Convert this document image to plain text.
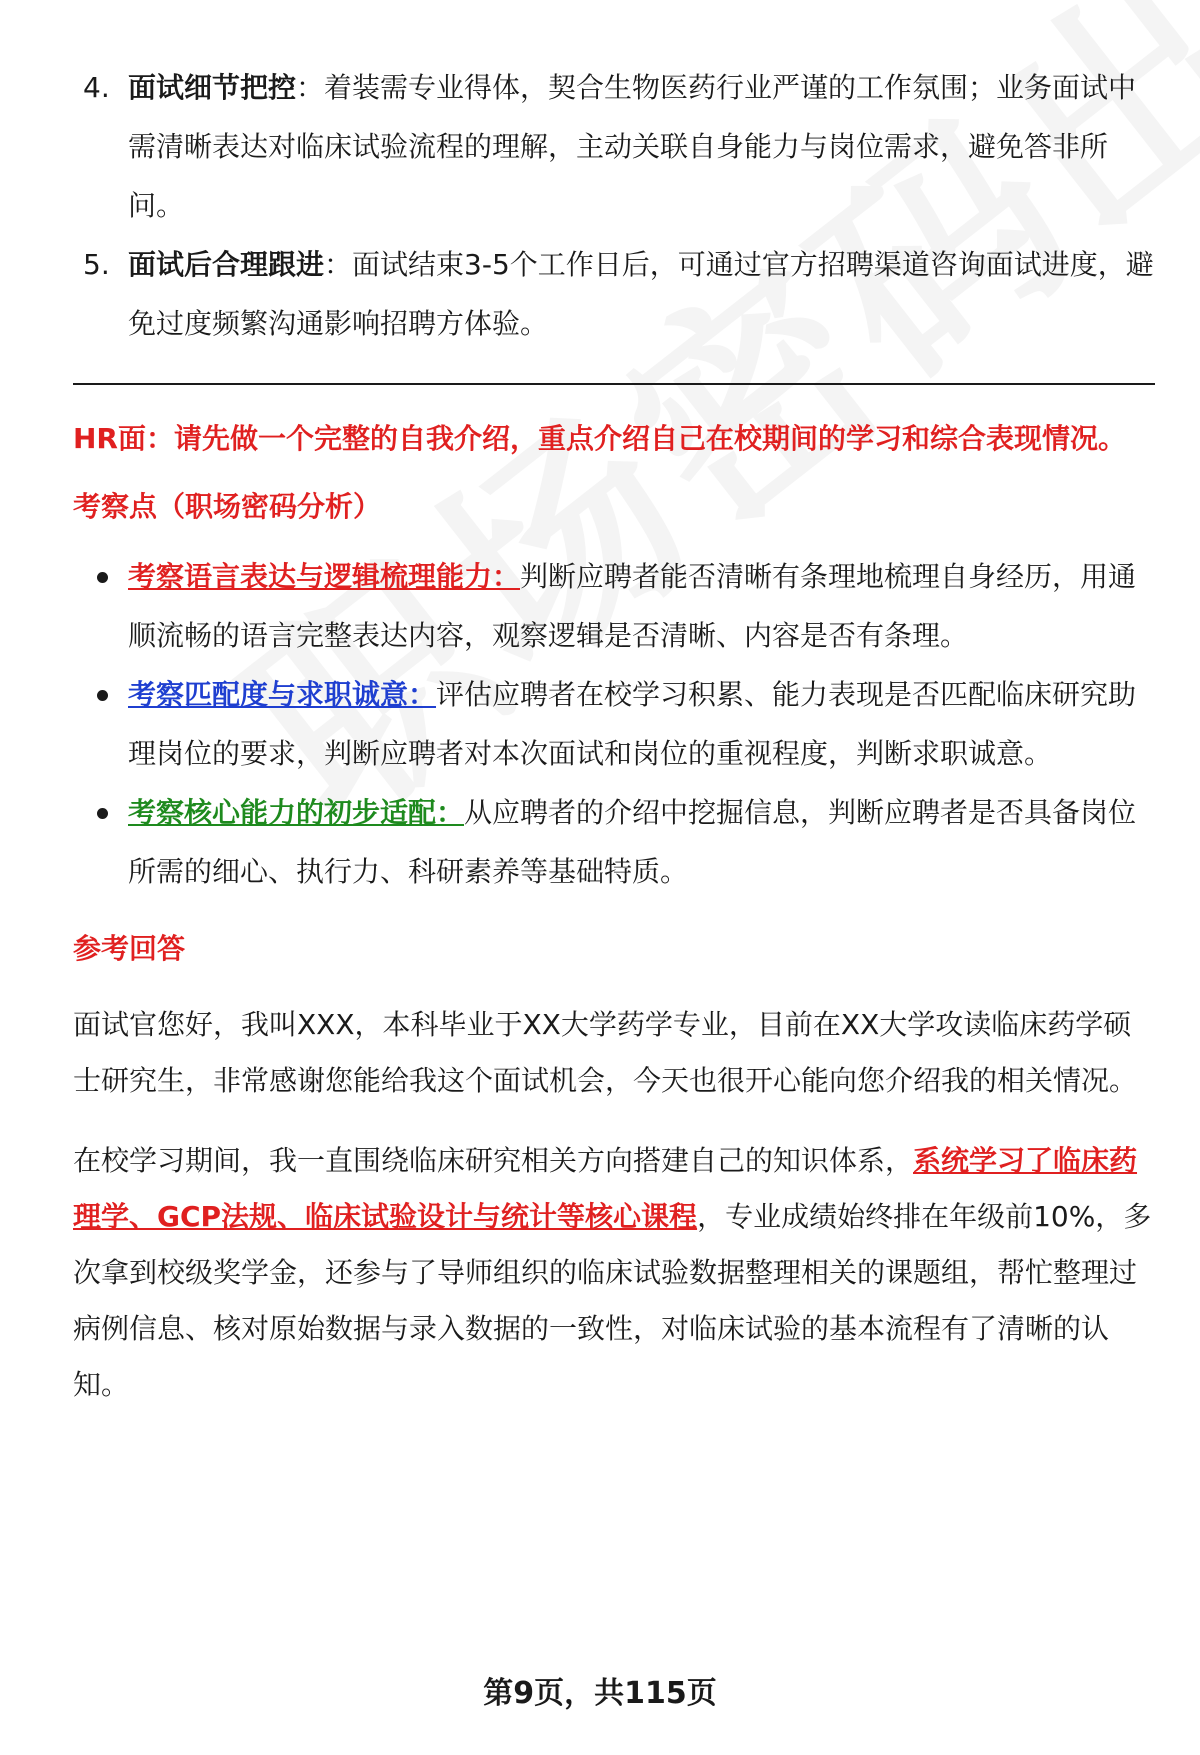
4. 面试细节把控：着装需专业得体，契合生物医药行业严谨的工作氛围；业务面试中需清晰表达对临床试验流程的理解，主动关联自身能力与岗位需求，避免答非所问。
5. 面试后合理跟进：面试结束3-5个工作日后，可通过官方招聘渠道咨询面试进度，避免过度频繁沟通影响招聘方体验。

HR面：请先做一个完整的自我介绍，重点介绍自己在校期间的学习和综合表现情况。

考察点（职场密码分析）

考察语言表达与逻辑梳理能力：判断应聘者能否清晰有条理地梳理自身经历，用通顺流畅的语言完整表达内容，观察逻辑是否清晰、内容是否有条理。
考察匹配度与求职诚意：评估应聘者在校学习积累、能力表现是否匹配临床研究助理岗位的要求，判断应聘者对本次面试和岗位的重视程度，判断求职诚意。
考察核心能力的初步适配：从应聘者的介绍中挖掘信息，判断应聘者是否具备岗位所需的细心、执行力、科研素养等基础特质。

参考回答

面试官您好，我叫XXX，本科毕业于XX大学药学专业，目前在XX大学攻读临床药学硕士研究生，非常感谢您能给我这个面试机会，今天也很开心能向您介绍我的相关情况。

在校学习期间，我一直围绕临床研究相关方向搭建自己的知识体系，系统学习了临床药理学、GCP法规、临床试验设计与统计等核心课程，专业成绩始终排在年级前10%，多次拿到校级奖学金，还参与了导师组织的临床试验数据整理相关的课题组，帮忙整理过病例信息、核对原始数据与录入数据的一致性，对临床试验的基本流程有了清晰的认知。

第9页，共115页
